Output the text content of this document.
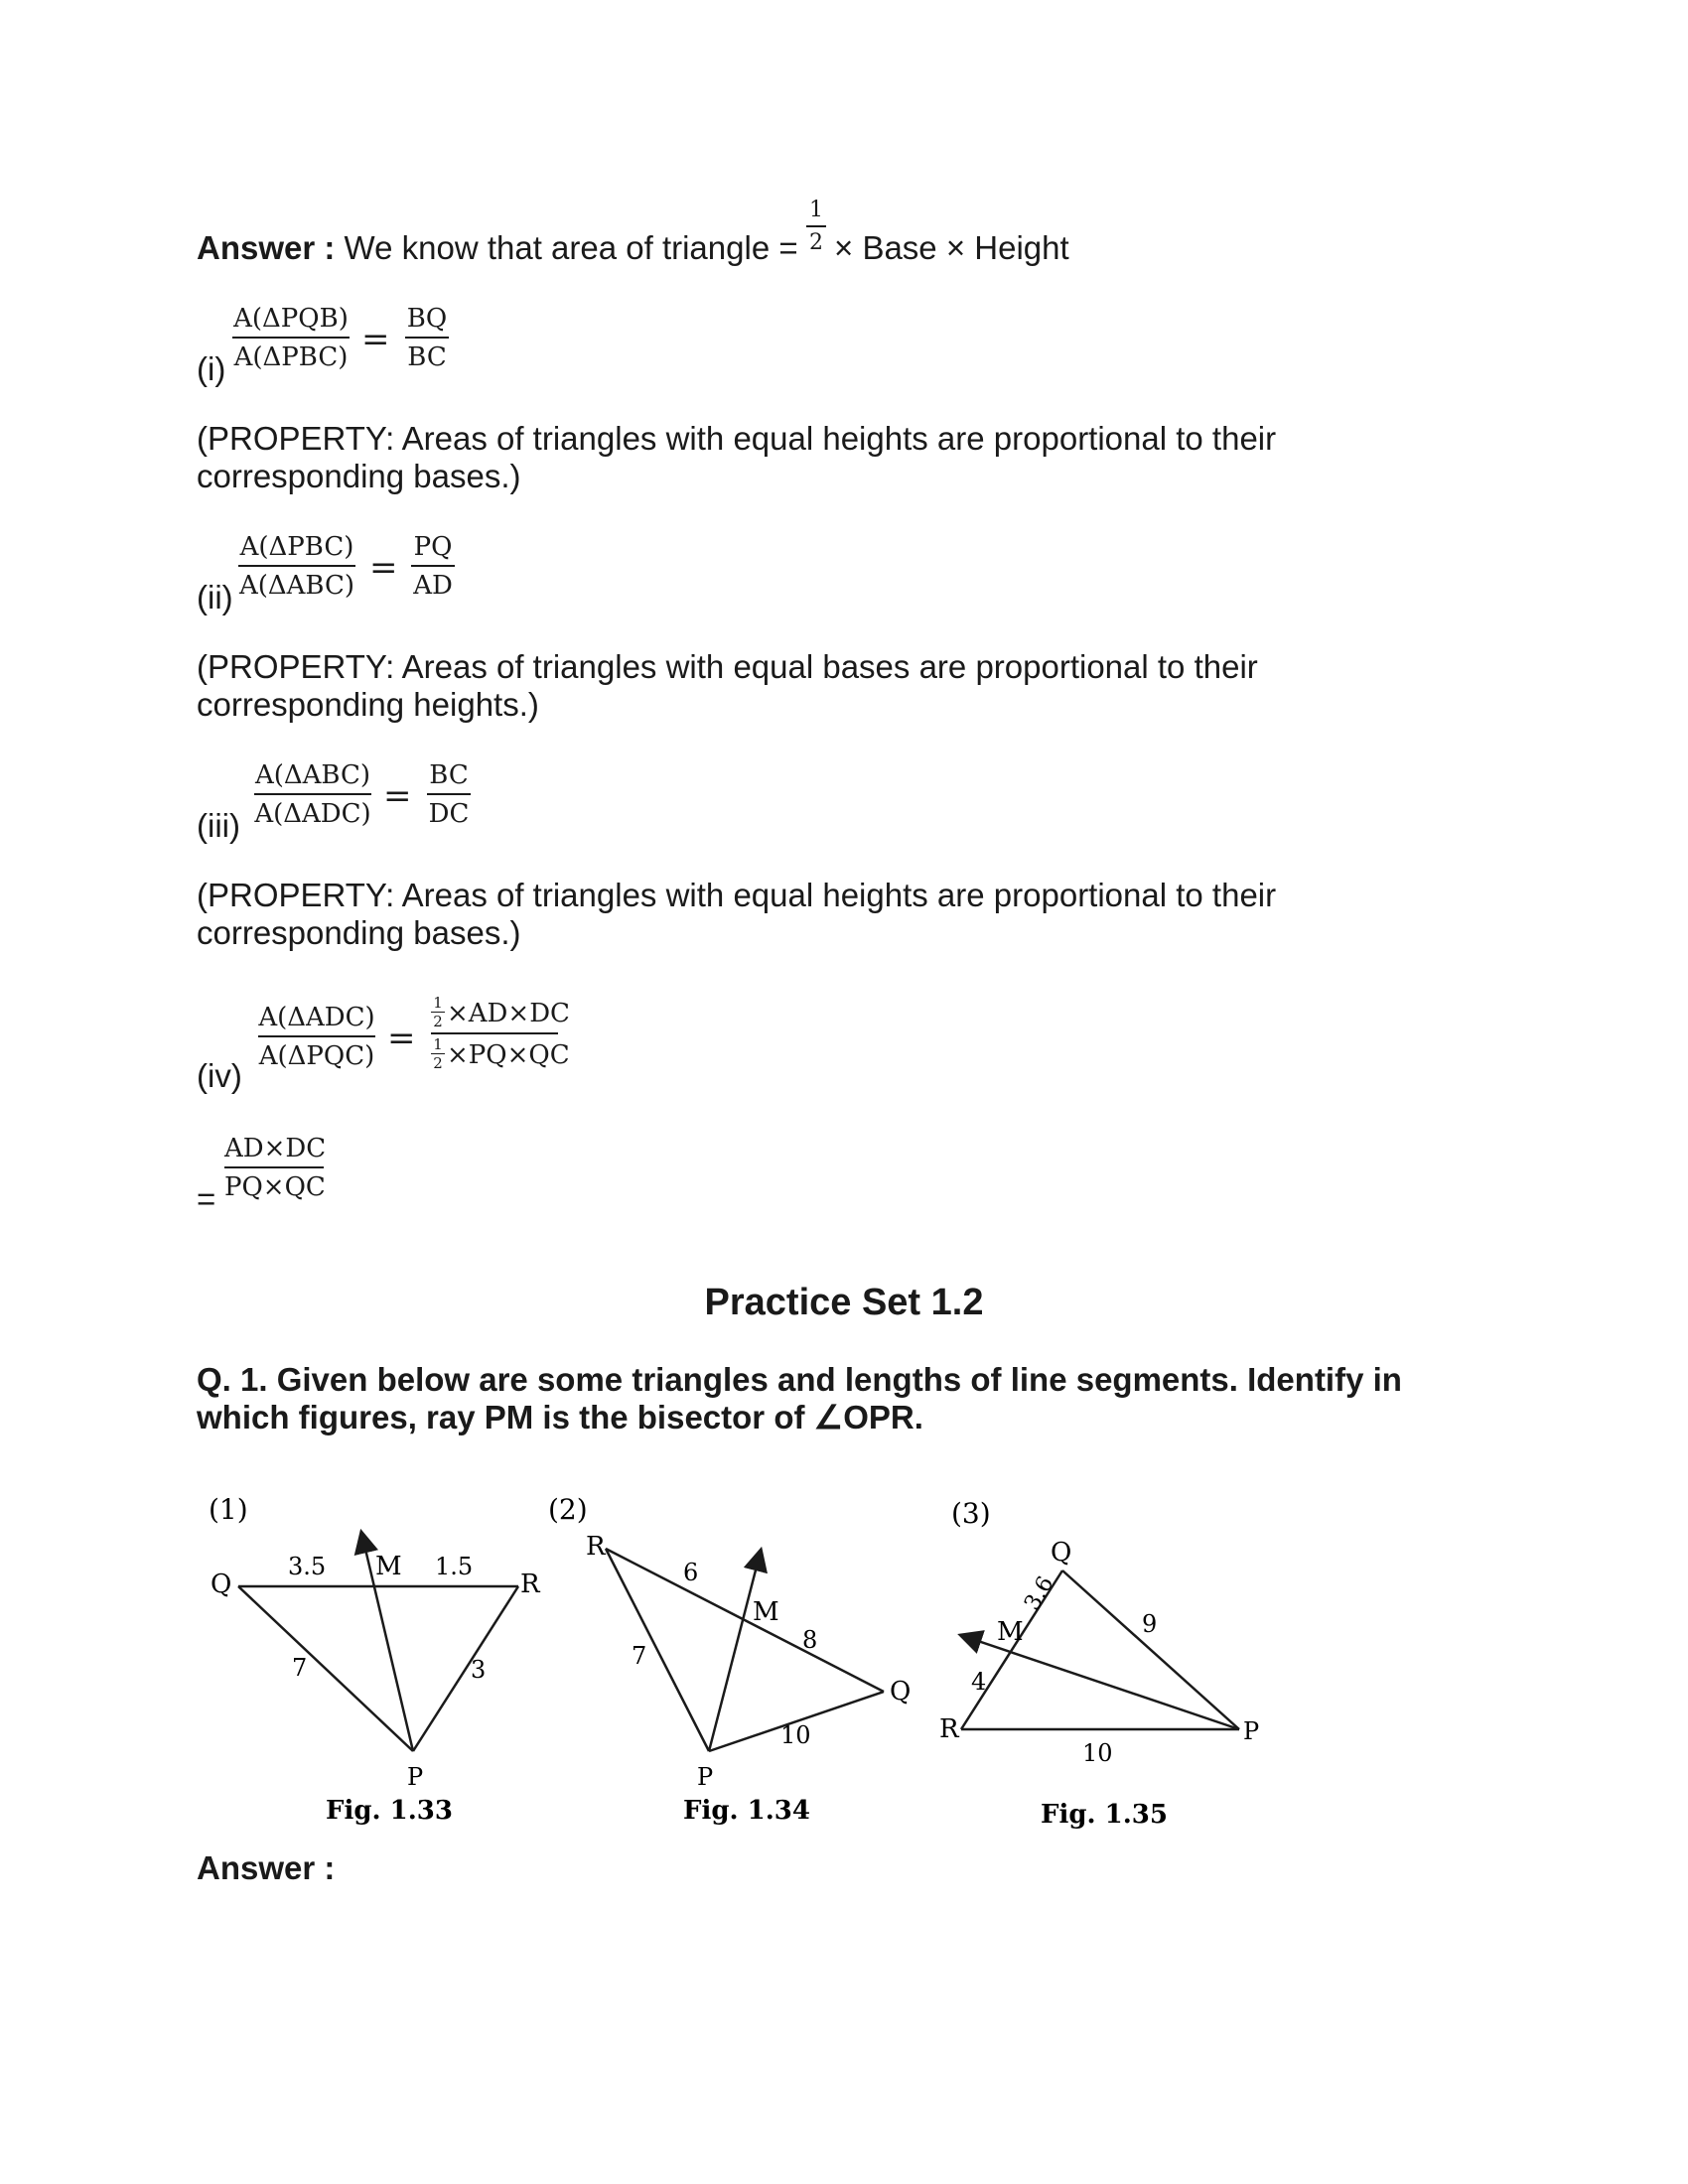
Answer : We know that area of triangle =
1
2 × Base × Height
(i)
A(ΔPQB)
A(ΔPBC) =
BQ
BC
(PROPERTY: Areas of triangles with equal heights are proportional to their
corresponding bases.)
(ii)
A(ΔPBC)
A(ΔABC) =
PQ
AD
(PROPERTY: Areas of triangles with equal bases are proportional to their
corresponding heights.)
(iii)
A(ΔABC)
A(ΔADC) =
BC
DC
(PROPERTY: Areas of triangles with equal heights are proportional to their
corresponding bases.)
(iv)
A(ΔADC)
A(ΔPQC) =
1
2 ×AD×DC
1
2 ×PQ×QC
=
AD×DC
PQ×QC
Practice Set 1.2
Q. 1. Given below are some triangles and lengths of line segments. Identify in
which figures, ray PM is the bisector of ∠OPR.
(1)
Q
M
R
P
3.5	1.5
7	3
Fig. 1.33
(2)
R
M
Q
P
6
8
7
10
Fig. 1.34
(3)
Q
M
R	P
3.6
9
4
10
Fig. 1.35
Answer :
